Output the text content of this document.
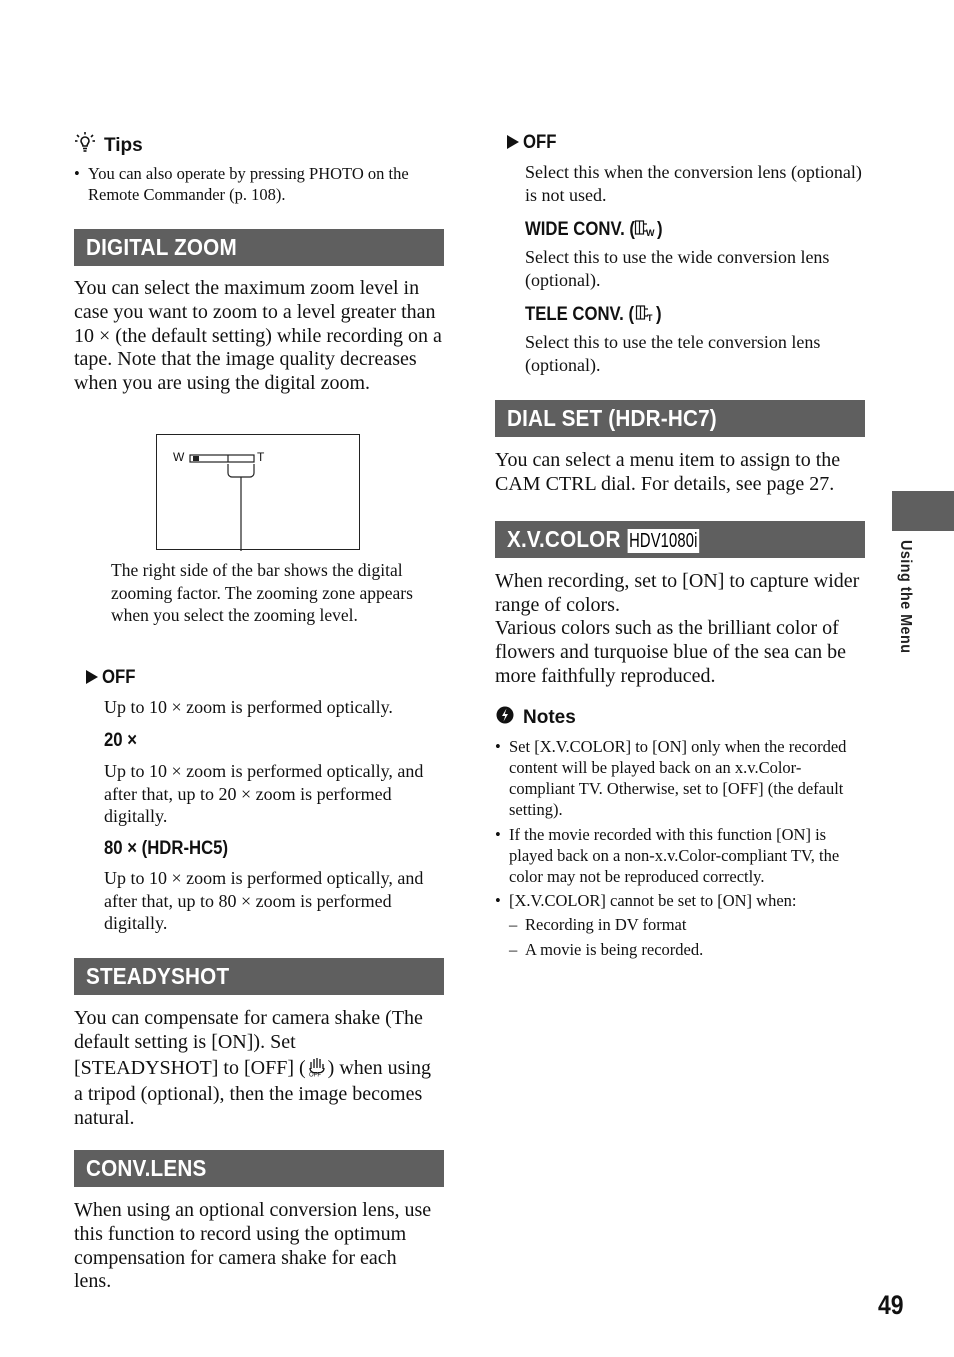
Tips
• You can also operate by pressing PHOTO on the Remote Commander (p. 108).
DIGITAL ZOOM
You can select the maximum zoom level in case you want to zoom to a level greater than 10 × (the default setting) while recording on a tape. Note that the image quality decreases when you are using the digital zoom.
W	T
The right side of the bar shows the digital zooming factor. The zooming zone appears when you select the zooming level.
OFF
Up to 10 × zoom is performed optically.
20 ×
Up to 10 × zoom is performed optically, and after that, up to 20 × zoom is performed digitally.
80 × (HDR-HC5)
Up to 10 × zoom is performed optically, and after that, up to 80 × zoom is performed digitally.
STEADYSHOT
You can compensate for camera shake (The default setting is [ON]). Set [STEADYSHOT] to [OFF] ( OFF ) when using a tripod (optional), then the image becomes natural.
CONV.LENS
When using an optional conversion lens, use this function to record using the optimum compensation for camera shake for each lens.
OFF
Select this when the conversion lens (optional) is not used.
WIDE CONV. ( W )
Select this to use the wide conversion lens (optional).
TELE CONV. ( T )
Select this to use the tele conversion lens (optional).
DIAL SET (HDR-HC7)
You can select a menu item to assign to the CAM CTRL dial. For details, see page 27.
X.V.COLOR HDV1080i
When recording, set to [ON] to capture wider range of colors.
Various colors such as the brilliant color of flowers and turquoise blue of the sea can be more faithfully reproduced.
Notes
• Set [X.V.COLOR] to [ON] only when the recorded content will be played back on an x.v.Color-compliant TV. Otherwise, set to [OFF] (the default setting).
• If the movie recorded with this function [ON] is played back on a non-x.v.Color-compliant TV, the color may not be reproduced correctly.
• [X.V.COLOR] cannot be set to [ON] when:
– Recording in DV format
– A movie is being recorded.
Using the Menu
49
